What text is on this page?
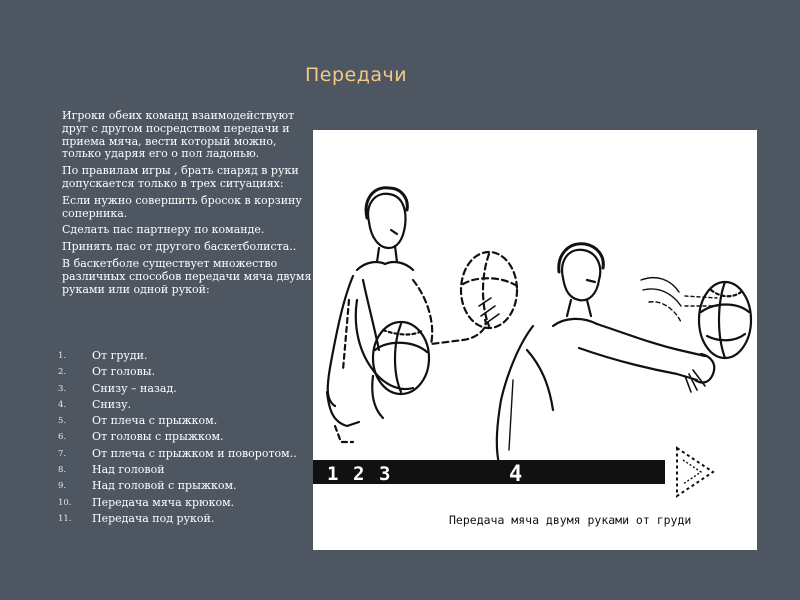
Передачи

Игроки обеих команд взаимодействуют друг с другом посредством передачи и приема мяча, вести который можно, только ударяя его о пол ладонью.

По правилам игры , брать снаряд в руки допускается только в трех ситуациях:

Если нужно совершить бросок в корзину соперника.

Сделать пас партнеру по команде.

Принять пас от другого баскетболиста..

В баскетболе существует множество различных способов передачи мяча двумя руками или одной рукой:

1.	От груди.
2.	От головы.
3.	Снизу – назад.
4.	Снизу.
5.	От плеча с прыжком.
6.	От головы с прыжком.
7.	От плеча с прыжком и поворотом..
8.	Над головой
9.	Над головой с прыжком.
10.	Передача мяча крюком.
11.	Передача под рукой.
1 2 3	4
Передача мяча двумя руками от груди
